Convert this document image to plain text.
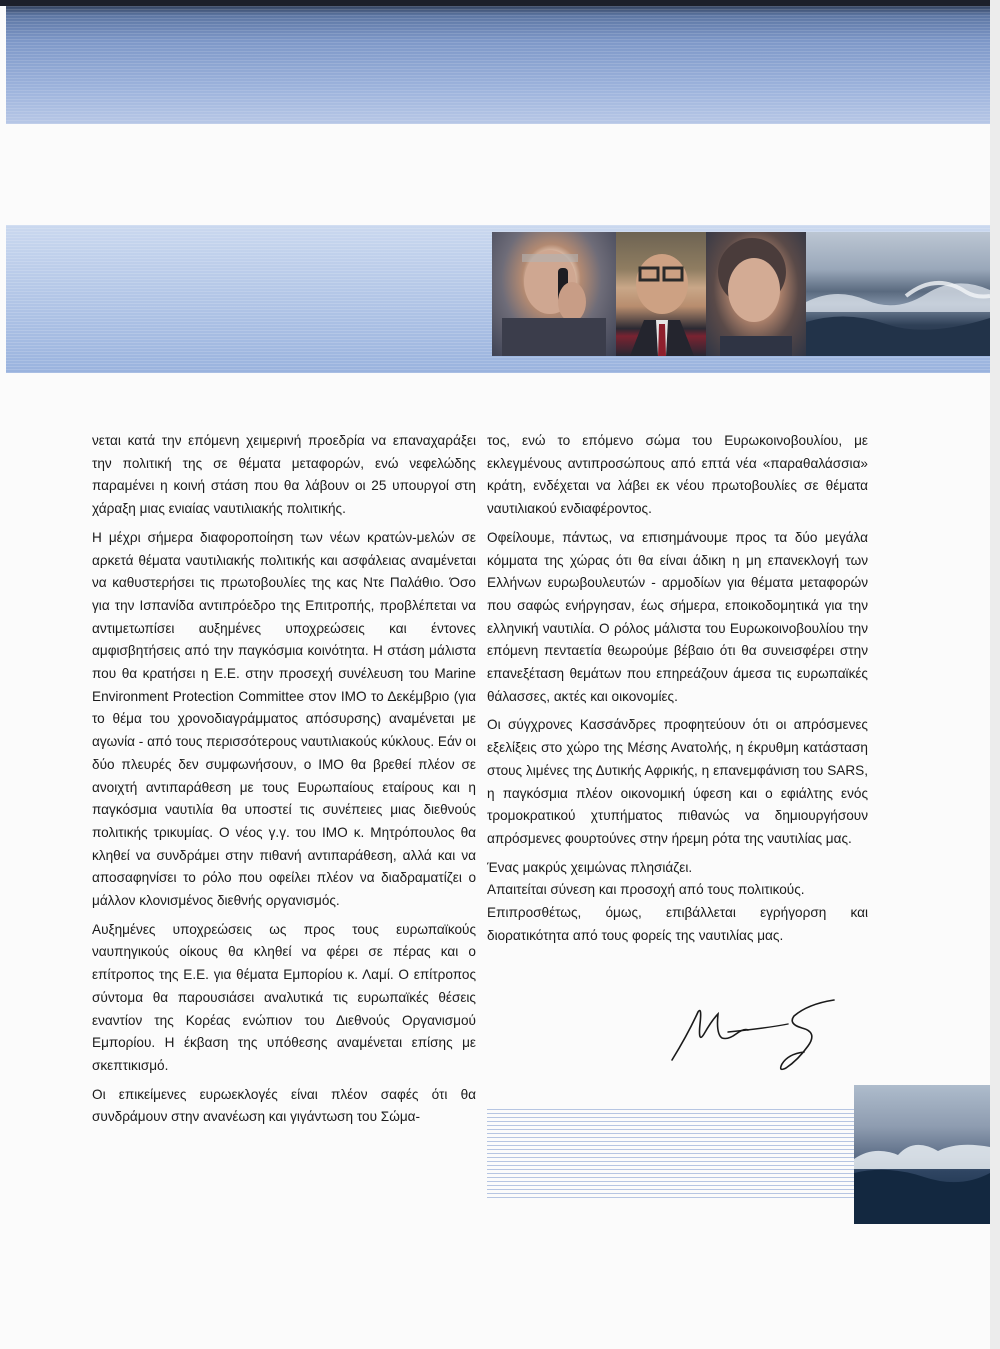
νεται κατά την επόμενη χειμερινή προεδρία να επαναχαράξει την πολιτική της σε θέματα μεταφορών, ενώ νεφελώδης παραμένει η κοινή στάση που θα λάβουν οι 25 υπουργοί στη χάραξη μιας ενιαίας ναυτιλιακής πολιτικής.

Η μέχρι σήμερα διαφοροποίηση των νέων κρατών-μελών σε αρκετά θέματα ναυτιλιακής πολιτικής και ασφάλειας αναμένεται να καθυστερήσει τις πρωτοβουλίες της κας Ντε Παλάθιο. Όσο για την Ισπανίδα αντιπρόεδρο της Επιτροπής, προβλέπεται να αντιμετωπίσει αυξημένες υποχρεώσεις και έντονες αμφισβητήσεις από την παγκόσμια κοινότητα. Η στάση μάλιστα που θα κρατήσει η Ε.Ε. στην προσεχή συνέλευση του Marine Environment Protection Committee στον ΙΜΟ το Δεκέμβριο (για το θέμα του χρονοδιαγράμματος απόσυρσης) αναμένεται με αγωνία - από τους περισσότερους ναυτιλιακούς κύκλους. Εάν οι δύο πλευρές δεν συμφωνήσουν, ο ΙΜΟ θα βρεθεί πλέον σε ανοιχτή αντιπαράθεση με τους Ευρωπαίους εταίρους και η παγκόσμια ναυτιλία θα υποστεί τις συνέπειες μιας διεθνούς πολιτικής τρικυμίας. Ο νέος γ.γ. του ΙΜΟ κ. Μητρόπουλος θα κληθεί να συνδράμει στην πιθανή αντιπαράθεση, αλλά και να αποσαφηνίσει το ρόλο που οφείλει πλέον να διαδραματίζει ο μάλλον κλονισμένος διεθνής οργανισμός.

Αυξημένες υποχρεώσεις ως προς τους ευρωπαϊκούς ναυπηγικούς οίκους θα κληθεί να φέρει σε πέρας και ο επίτροπος της Ε.Ε. για θέματα Εμπορίου κ. Λαμί. Ο επίτροπος σύντομα θα παρουσιάσει αναλυτικά τις ευρωπαϊκές θέσεις εναντίον της Κορέας ενώπιον του Διεθνούς Οργανισμού Εμπορίου. Η έκβαση της υπόθεσης αναμένεται επίσης με σκεπτικισμό.

Οι επικείμενες ευρωεκλογές είναι πλέον σαφές ότι θα συνδράμουν στην ανανέωση και γιγάντωση του Σώμα-

τος, ενώ το επόμενο σώμα του Ευρωκοινοβουλίου, με εκλεγμένους αντιπροσώπους από επτά νέα «παραθαλάσσια» κράτη, ενδέχεται να λάβει εκ νέου πρωτοβουλίες σε θέματα ναυτιλιακού ενδιαφέροντος.

Οφείλουμε, πάντως, να επισημάνουμε προς τα δύο μεγάλα κόμματα της χώρας ότι θα είναι άδικη η μη επανεκλογή των Ελλήνων ευρωβουλευτών - αρμοδίων για θέματα μεταφορών που σαφώς ενήργησαν, έως σήμερα, εποικοδομητικά για την ελληνική ναυτιλία. Ο ρόλος μάλιστα του Ευρωκοινοβουλίου την επόμενη πενταετία θεωρούμε βέβαιο ότι θα συνεισφέρει στην επανεξέταση θεμάτων που επηρεάζουν άμεσα τις ευρωπαϊκές θάλασσες, ακτές και οικονομίες.

Οι σύγχρονες Κασσάνδρες προφητεύουν ότι οι απρόσμενες εξελίξεις στο χώρο της Μέσης Ανατολής, η έκρυθμη κατάσταση στους λιμένες της Δυτικής Αφρικής, η επανεμφάνιση του SARS, η παγκόσμια πλέον οικονομική ύφεση και ο εφιάλτης ενός τρομοκρατικού χτυπήματος πιθανώς να δημιουργήσουν απρόσμενες φουρτούνες στην ήρεμη ρότα της ναυτιλίας μας.

Ένας μακρύς χειμώνας πλησιάζει.

Απαιτείται σύνεση και προσοχή από τους πολιτικούς.

Επιπροσθέτως, όμως, επιβάλλεται εγρήγορση και διορατικότητα από τους φορείς της ναυτιλίας μας.
